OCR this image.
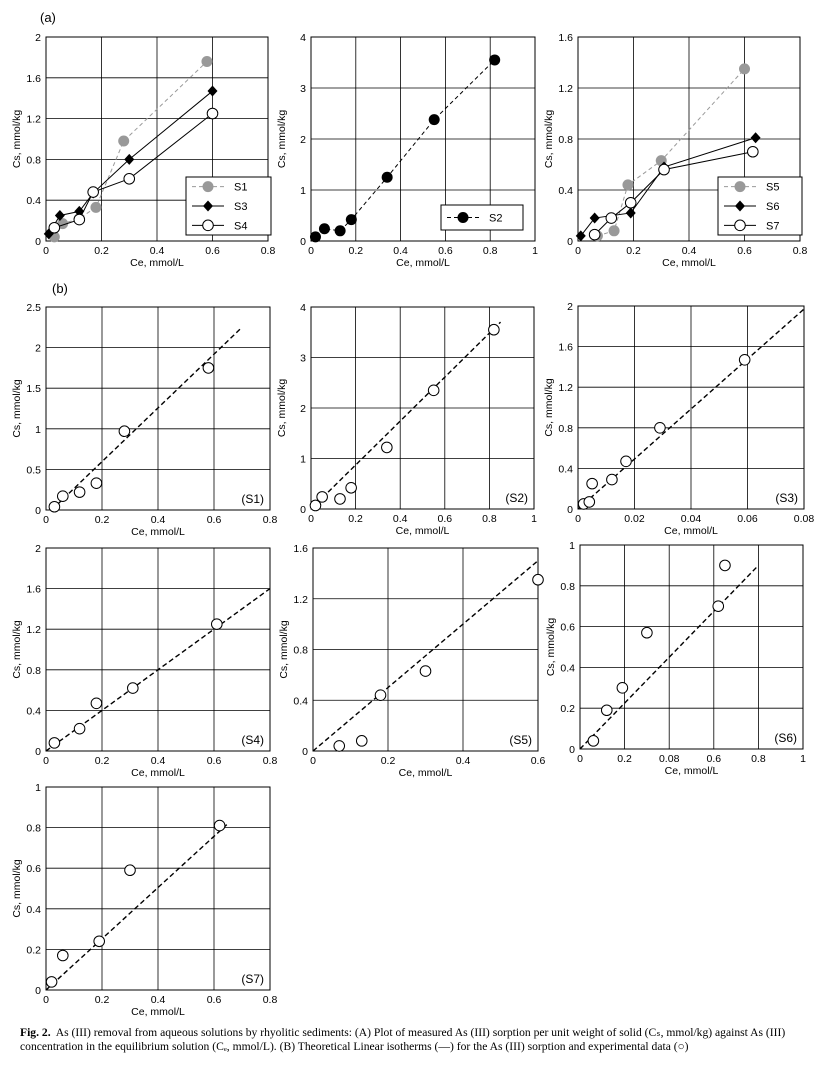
(a)
(b)
0	0.2	0.4	0.6	0.8
0
0.4
0.8
1.2
1.6
2
Ce, mmol/L
Cs, mmol/kg
S1
S3
S4
0	0.2	0.4	0.6	0.8	1
0
1
2
3
4
Ce, mmol/L
Cs, mmol/kg
S2
0	0.2	0.4	0.6	0.8
0
0.4
0.8
1.2
1.6
Ce, mmol/L
Cs, mmol/kg
S5
S6
S7
0	0.2	0.4	0.6	0.8
0
0.5
1
1.5
2
2.5
Ce, mmol/L
Cs, mmol/kg
(S1)
0	0.2	0.4	0.6	0.8	1
0
1
2
3
4
Ce, mmol/L
Cs, mmol/kg
(S2)
0	0.02	0.04	0.06	0.08
0
0.4
0.8
1.2
1.6
2
Ce, mmol/L
Cs, mmol/kg
(S3)
0	0.2	0.4	0.6	0.8
0
0.4
0.8
1.2
1.6
2
Ce, mmol/L
Cs, mmol/kg
(S4)
0	0.2	0.4	0.6
0
0.4
0.8
1.2
1.6
Ce, mmol/L
Cs, mmol/kg
(S5)
0	0.2	0.08	0.6	0.8	1
0
0.2
0.4
0.6
0.8
1
Ce, mmol/L
Cs, mmol/kg
(S6)
0	0.2	0.4	0.6	0.8
0
0.2
0.4
0.6
0.8
1
Ce, mmol/L
Cs, mmol/kg
(S7)
Fig. 2. As (III) removal from aqueous solutions by rhyolitic sediments: (A) Plot of measured As (III) sorption per unit weight of solid (Cₛ, mmol/kg) against As (III) concentration in the equilibrium solution (Cₑ, mmol/L). (B) Theoretical Linear isotherms (—) for the As (III) sorption and experimental data (○)
